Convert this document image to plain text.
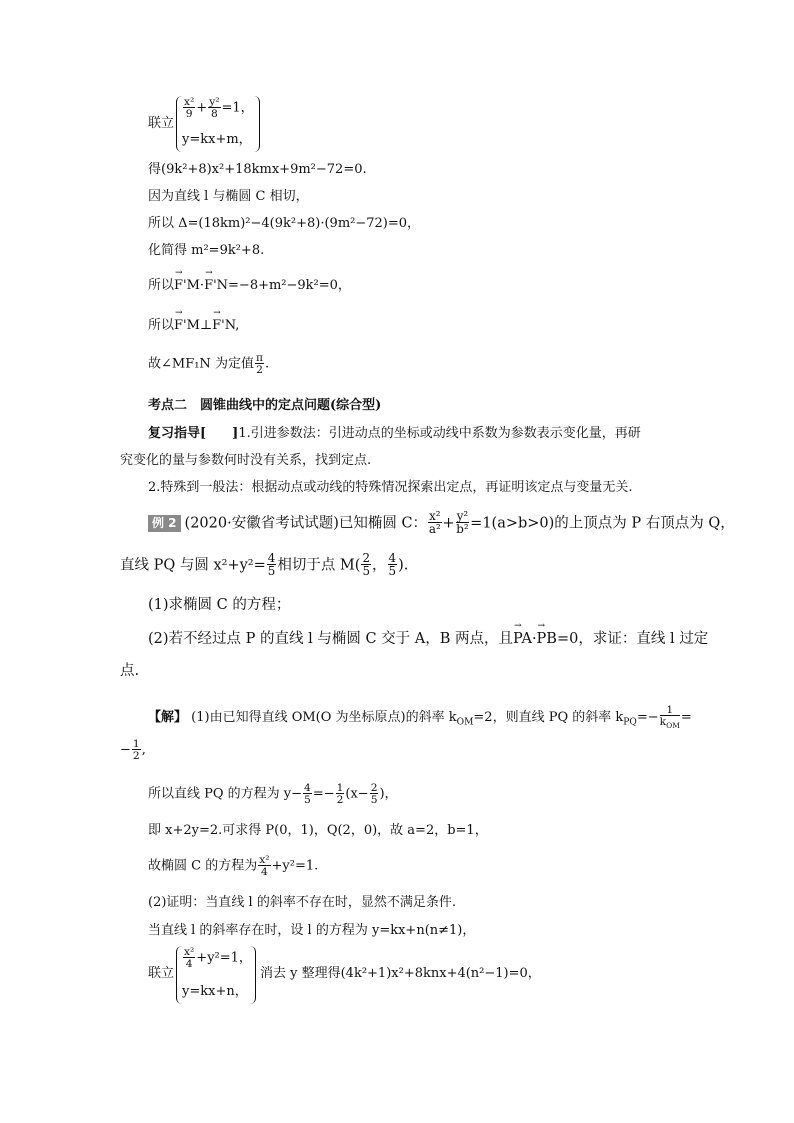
联立
$\frac{\text{x²}}{9} + \frac{\text{y²}}{8} =1$，
y=kx+m，
得(9k²+8)x²+18kmx+9m²−72=0.
因为直线 l 与椭圆 C 相切，
所以 Δ=(18km)²−4(9k²+8)·(9m²−72)=0，
化简得 m²=9k²+8.
所以F'M →·F'N →=−8+m²−9k²=0，
所以F'M →⊥F'N, →
故∠MF₁N 为定值 $\frac{\pi}{2}$ .
考点二　圆锥曲线中的定点问题(综合型)
复习指导[　　]1.引进参数法：引进动点的坐标或动线中系数为参数表示变化量，再研
究变化的量与参数何时没有关系，找到定点.
2.特殊到一般法：根据动点或动线的特殊情况探索出定点，再证明该定点与变量无关.
例 2 (2020·安徽省考试试题)已知椭圆 C： $\frac{\text{x²}}{\text{a²}} + \frac{\text{y²}}{\text{b²}} =1(a>b>0)$的上顶点为 P 右顶点为 Q，
直线 PQ 与圆 $x^2+y^2= \frac{4}{5}$ 相切于点 $M( \frac{2}{5}$ ， $\frac{4}{5}$ ).
(1)求椭圆 C 的方程；
(2)若不经过点 P 的直线 l 与椭圆 C 交于 A，B 两点，且PA →·PB →=0，求证：直线 l 过定
点.
【解】 (1)由已知得直线 OM(O 为坐标原点)的斜率 $k_{OM}=2$，则直线 PQ 的斜率 $k_{PQ}=- \frac{1}{k_{OM}}$ =
− $\frac{1}{2}$ ,
所以直线 PQ 的方程为 $y- \frac{4}{5} =- \frac{1}{2} (x- \frac{2}{5}$ )，
即 x+2y=2.可求得 P(0，1)，Q(2，0)，故 a=2，b=1，
故椭圆 C 的方程为 $\frac{\text{x²}}{4} +y^2=1$.
(2)证明：当直线 l 的斜率不存在时，显然不满足条件.
当直线 l 的斜率存在时，设 l 的方程为 y=kx+n(n≠1)，
联立
$\frac{\text{x²}}{4} +y^2=1$，
y=kx+n，
消去 y 整理得(4k²+1)x²+8knx+4(n²−1)=0，
